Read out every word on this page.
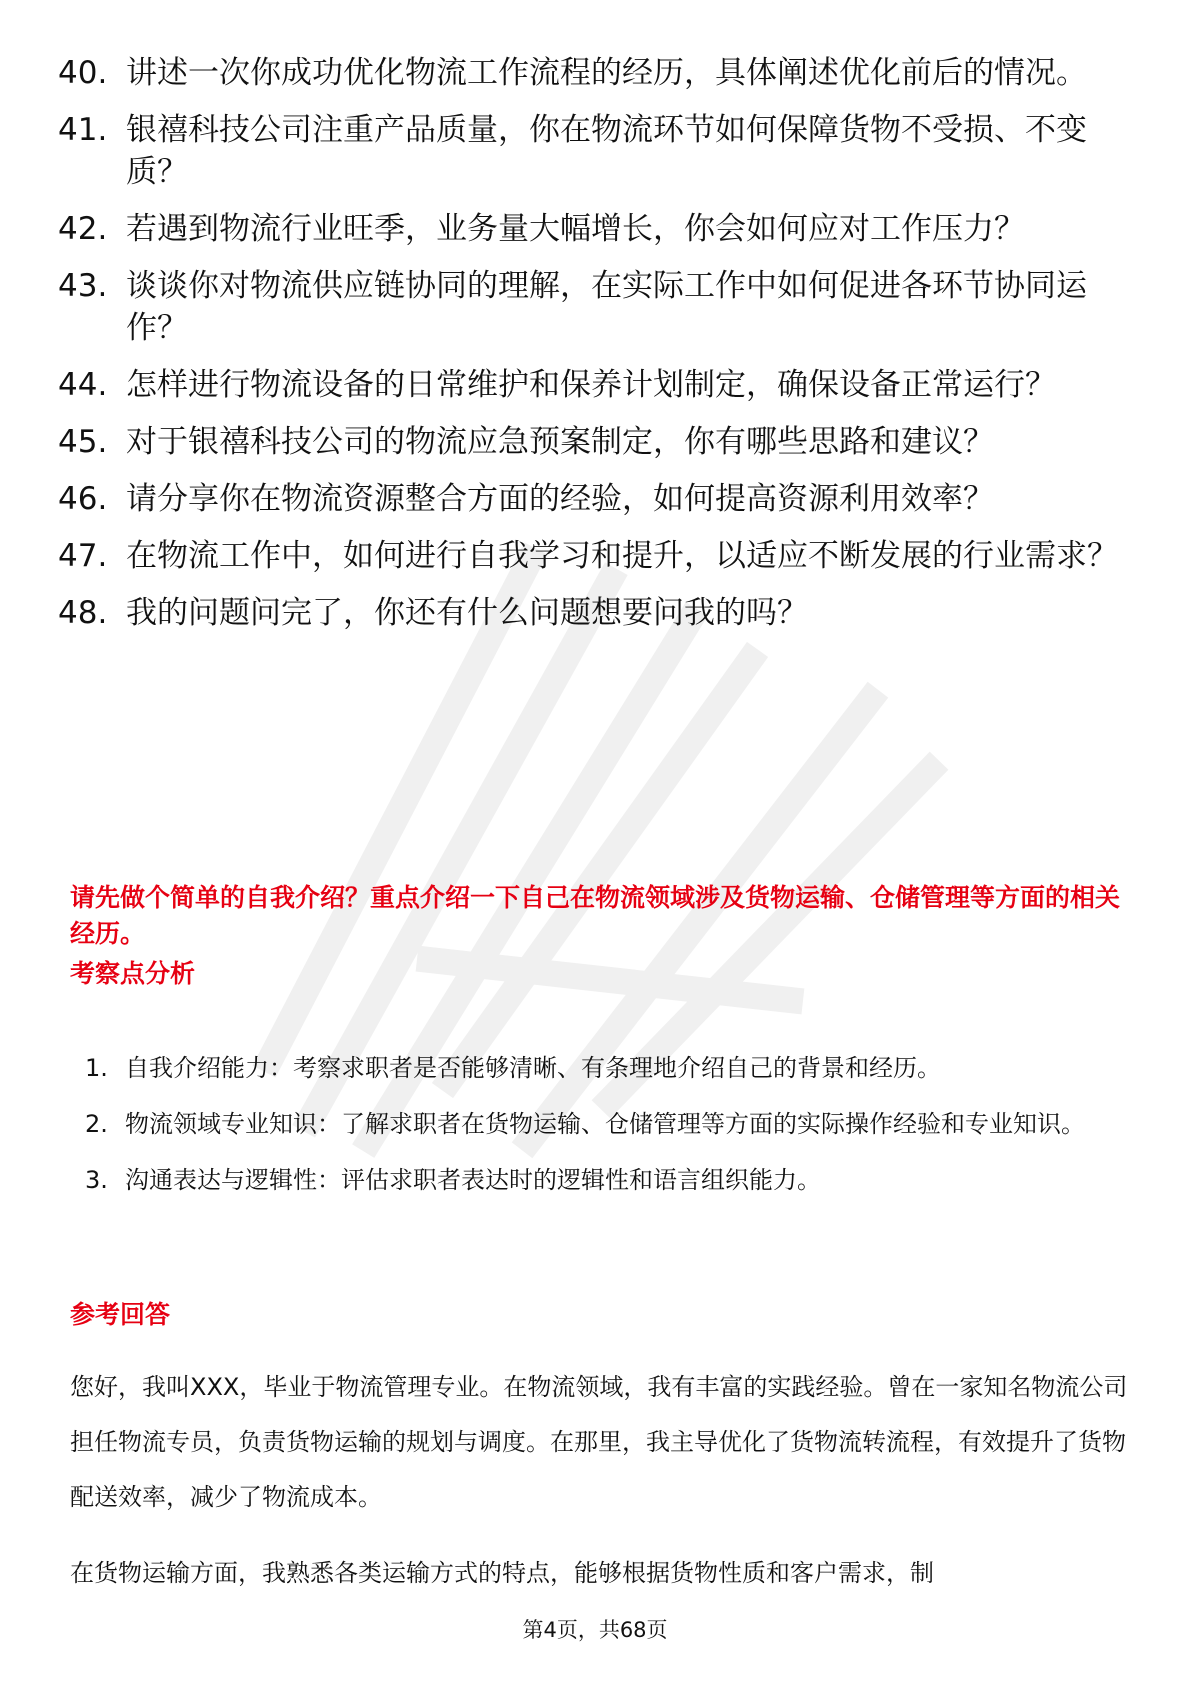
40. 讲述一次你成功优化物流工作流程的经历，具体阐述优化前后的情况。
41. 银禧科技公司注重产品质量，你在物流环节如何保障货物不受损、不变质？
42. 若遇到物流行业旺季，业务量大幅增长，你会如何应对工作压力？
43. 谈谈你对物流供应链协同的理解，在实际工作中如何促进各环节协同运作？
44. 怎样进行物流设备的日常维护和保养计划制定，确保设备正常运行？
45. 对于银禧科技公司的物流应急预案制定，你有哪些思路和建议？
46. 请分享你在物流资源整合方面的经验，如何提高资源利用效率？
47. 在物流工作中，如何进行自我学习和提升，以适应不断发展的行业需求？
48. 我的问题问完了，你还有什么问题想要问我的吗？
请先做个简单的自我介绍？重点介绍一下自己在物流领域涉及货物运输、仓储管理等方面的相关经历。
考察点分析
1. 自我介绍能力：考察求职者是否能够清晰、有条理地介绍自己的背景和经历。
2. 物流领域专业知识：了解求职者在货物运输、仓储管理等方面的实际操作经验和专业知识。
3. 沟通表达与逻辑性：评估求职者表达时的逻辑性和语言组织能力。
参考回答

您好，我叫XXX，毕业于物流管理专业。在物流领域，我有丰富的实践经验。曾在一家知名物流公司担任物流专员，负责货物运输的规划与调度。在那里，我主导优化了货物流转流程，有效提升了货物配送效率，减少了物流成本。

在货物运输方面，我熟悉各类运输方式的特点，能够根据货物性质和客户需求，制

第4页，共68页
